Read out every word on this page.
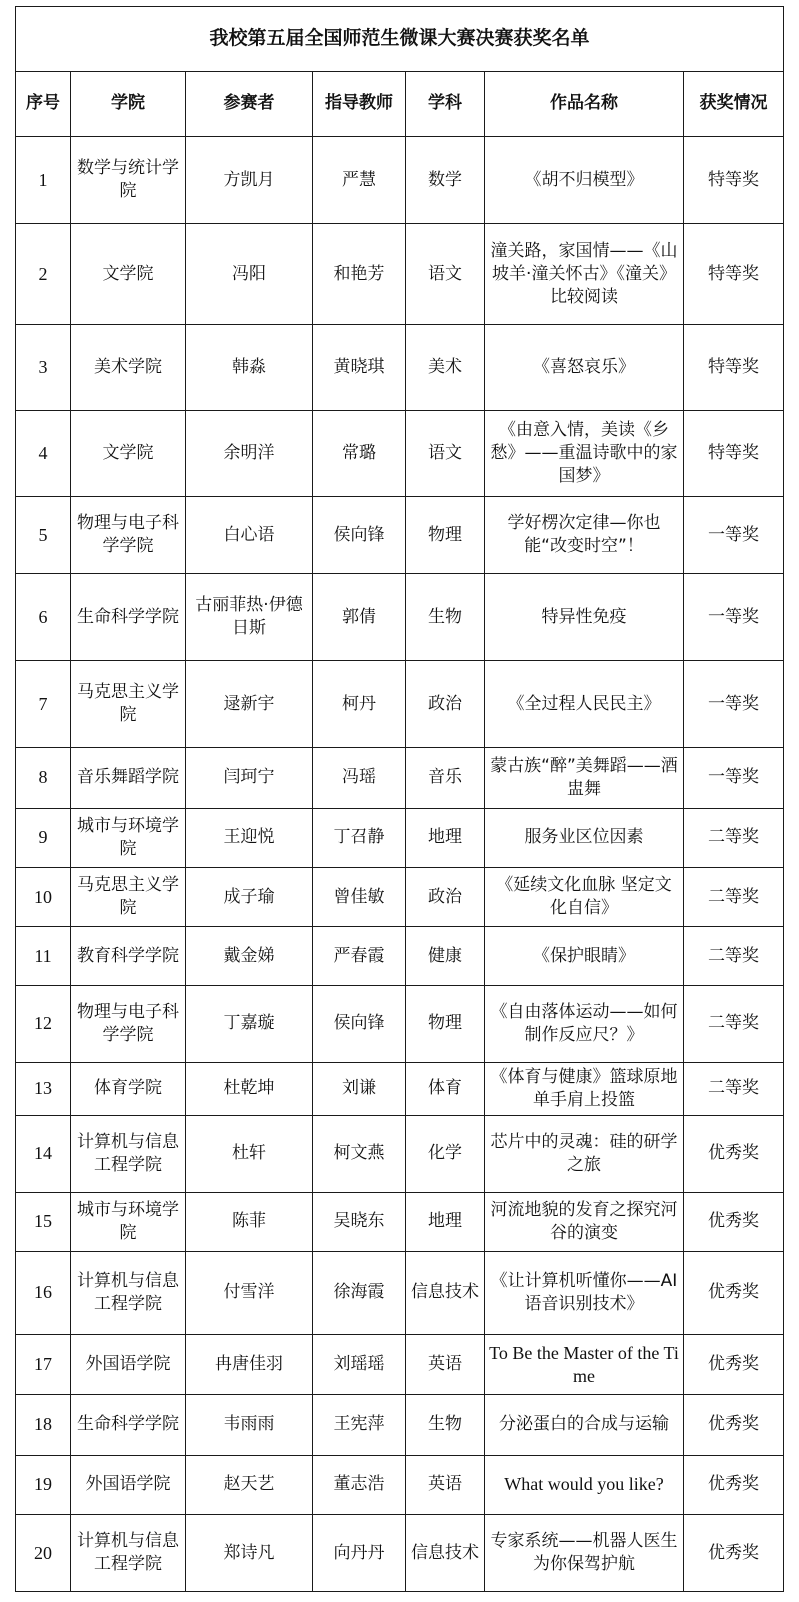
我校第五届全国师范生微课大赛决赛获奖名单						
序号	学院	参赛者	指导教师	学科	作品名称	获奖情况
1	数学与统计学院	方凯月	严慧	数学	《胡不归模型》	特等奖
2	文学院	冯阳	和艳芳	语文	潼关路，家国情——《山坡羊·潼关怀古》《潼关》比较阅读	特等奖
3	美术学院	韩淼	黄晓琪	美术	《喜怒哀乐》	特等奖
4	文学院	余明洋	常璐	语文	《由意入情，美读《乡愁》——重温诗歌中的家国梦》	特等奖
5	物理与电子科学学院	白心语	侯向锋	物理	学好楞次定律—你也能“改变时空”！	一等奖
6	生命科学学院	古丽菲热·伊德日斯	郭倩	生物	特异性免疫	一等奖
7	马克思主义学院	逯新宇	柯丹	政治	《全过程人民民主》	一等奖
8	音乐舞蹈学院	闫珂宁	冯瑶	音乐	蒙古族“醉”美舞蹈——酒盅舞	一等奖
9	城市与环境学院	王迎悦	丁召静	地理	服务业区位因素	二等奖
10	马克思主义学院	成子瑜	曾佳敏	政治	《延续文化血脉 坚定文化自信》	二等奖
11	教育科学学院	戴金娣	严春霞	健康	《保护眼睛》	二等奖
12	物理与电子科学学院	丁嘉璇	侯向锋	物理	《自由落体运动——如何制作反应尺？》	二等奖
13	体育学院	杜乾坤	刘谦	体育	《体育与健康》篮球原地单手肩上投篮	二等奖
14	计算机与信息工程学院	杜轩	柯文燕	化学	芯片中的灵魂：硅的研学之旅	优秀奖
15	城市与环境学院	陈菲	吴晓东	地理	河流地貌的发育之探究河谷的演变	优秀奖
16	计算机与信息工程学院	付雪洋	徐海霞	信息技术	《让计算机听懂你——AI语音识别技术》	优秀奖
17	外国语学院	冉唐佳羽	刘瑶瑶	英语	To Be the Master of the Time	优秀奖
18	生命科学学院	韦雨雨	王宪萍	生物	分泌蛋白的合成与运输	优秀奖
19	外国语学院	赵天艺	董志浩	英语	What would you like?	优秀奖
20	计算机与信息工程学院	郑诗凡	向丹丹	信息技术	专家系统——机器人医生为你保驾护航	优秀奖
